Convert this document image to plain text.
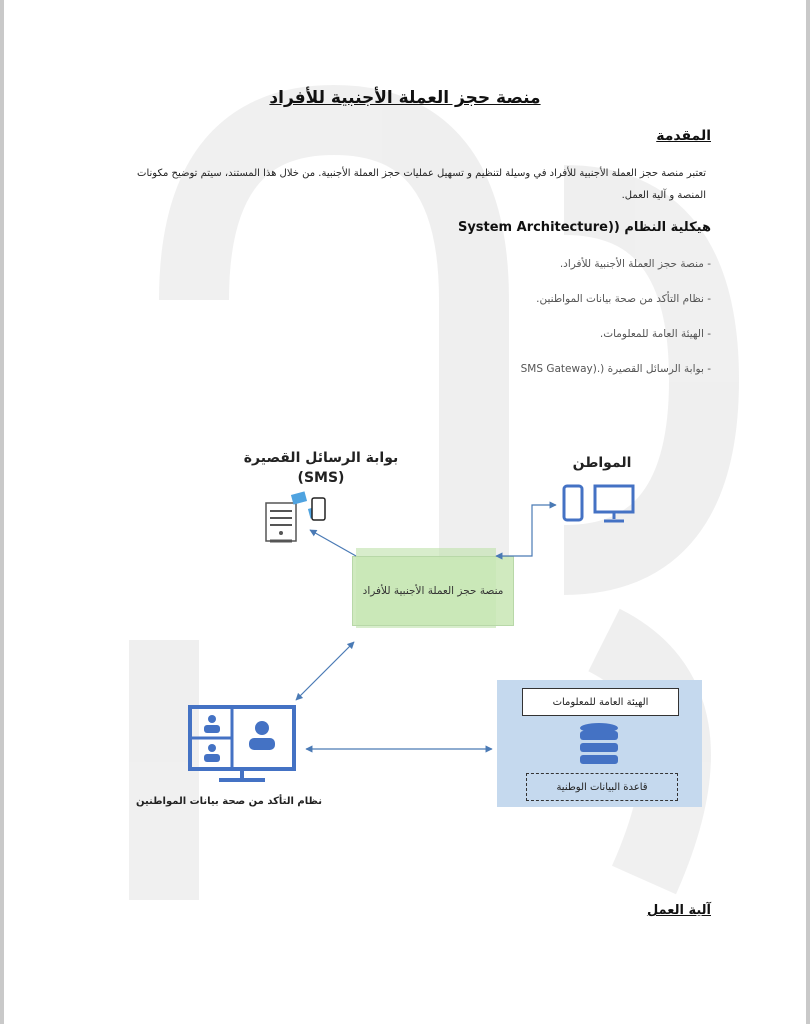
منصة حجز العملة الأجنبية للأفراد
المقدمة
تعتبر منصة حجز العملة الأجنبية للأفراد في وسيلة لتنظيم و تسهيل عمليات حجز العملة الأجنبية. من خلال هذا المستند، سيتم توضيح مكونات المنصة و آلية العمل.
هيكلية النظام ((System Architecture
- منصة حجز العملة الأجنبية للأفراد.
- نظام التأكد من صحة بيانات المواطنين.
- الهيئة العامة للمعلومات.
- بوابة الرسائل القصيرة (.(SMS Gateway
بوابة الرسائل القصيرة
(SMS)
المواطن
منصة حجز العملة الأجنبية للأفراد
الهيئة العامة للمعلومات
قاعدة البيانات الوطنية
نظام التأكد من صحة بيانات المواطنين
آلية العمل
